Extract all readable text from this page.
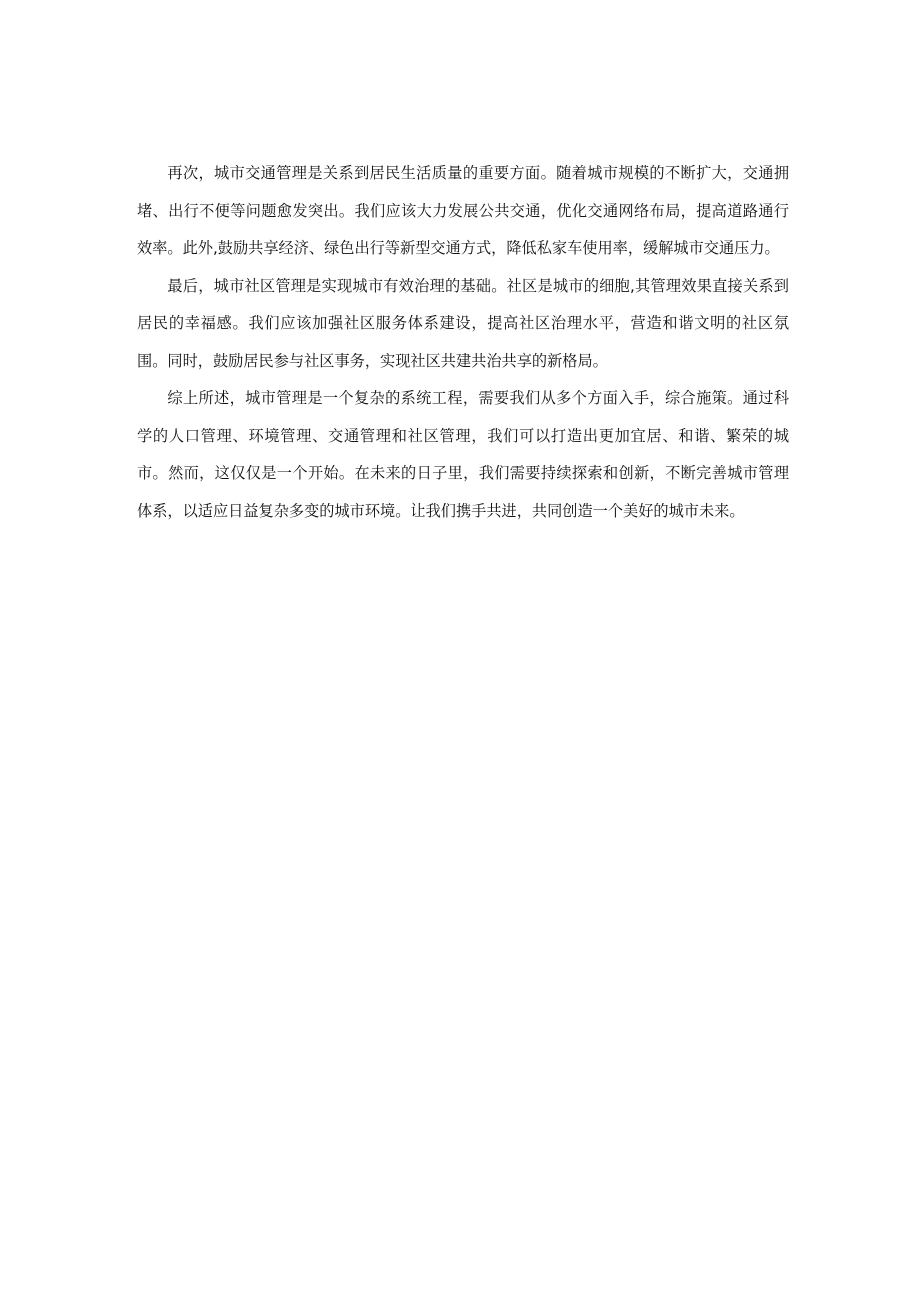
再次，城市交通管理是关系到居民生活质量的重要方面。随着城市规模的不断扩大，交通拥堵、出行不便等问题愈发突出。我们应该大力发展公共交通，优化交通网络布局，提高道路通行效率。此外,鼓励共享经济、绿色出行等新型交通方式，降低私家车使用率，缓解城市交通压力。

最后，城市社区管理是实现城市有效治理的基础。社区是城市的细胞,其管理效果直接关系到居民的幸福感。我们应该加强社区服务体系建设，提高社区治理水平，营造和谐文明的社区氛围。同时，鼓励居民参与社区事务，实现社区共建共治共享的新格局。

综上所述，城市管理是一个复杂的系统工程，需要我们从多个方面入手，综合施策。通过科学的人口管理、环境管理、交通管理和社区管理，我们可以打造出更加宜居、和谐、繁荣的城市。然而，这仅仅是一个开始。在未来的日子里，我们需要持续探索和创新，不断完善城市管理体系，以适应日益复杂多变的城市环境。让我们携手共进，共同创造一个美好的城市未来。
